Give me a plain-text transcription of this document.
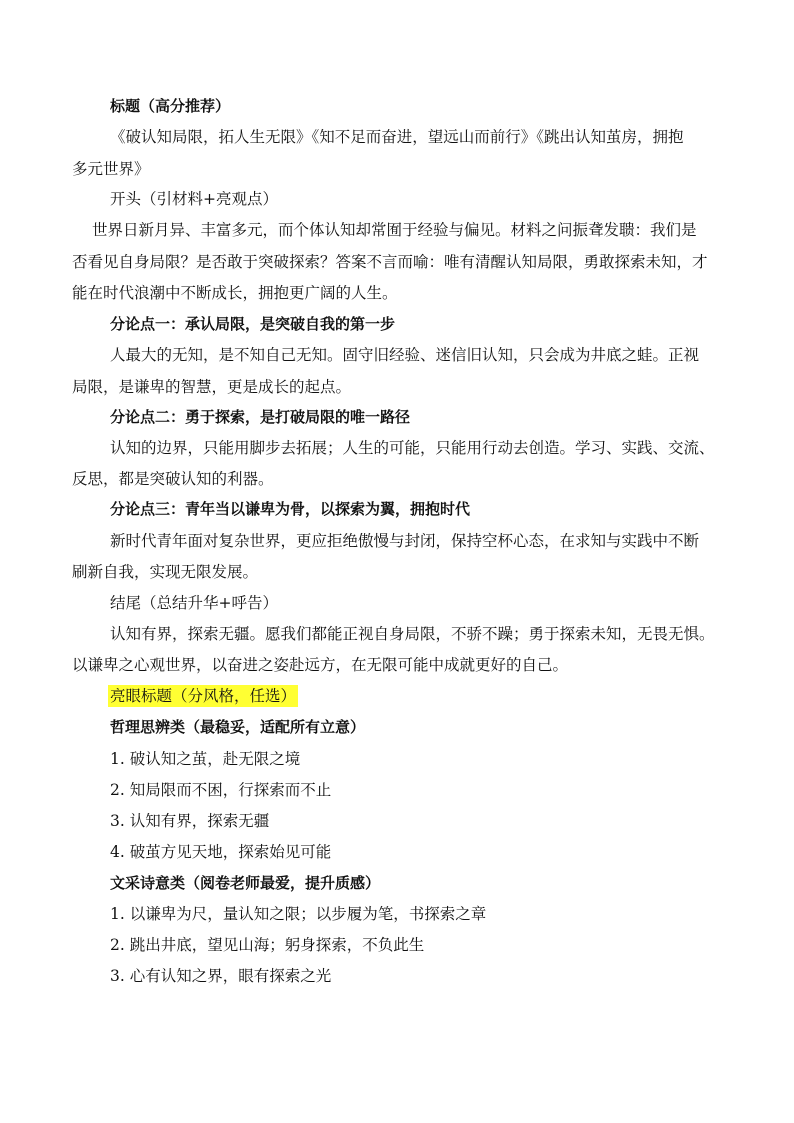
标题（高分推荐）
《破认知局限，拓人生无限》《知不足而奋进，望远山而前行》《跳出认知茧房，拥抱
多元世界》
开头（引材料+亮观点）
世界日新月异、丰富多元，而个体认知却常囿于经验与偏见。材料之问振聋发聩：我们是
否看见自身局限？是否敢于突破探索？答案不言而喻：唯有清醒认知局限，勇敢探索未知，才
能在时代浪潮中不断成长，拥抱更广阔的人生。
分论点一：承认局限，是突破自我的第一步
人最大的无知，是不知自己无知。固守旧经验、迷信旧认知，只会成为井底之蛙。正视
局限，是谦卑的智慧，更是成长的起点。
分论点二：勇于探索，是打破局限的唯一路径
认知的边界，只能用脚步去拓展；人生的可能，只能用行动去创造。学习、实践、交流、
反思，都是突破认知的利器。
分论点三：青年当以谦卑为骨，以探索为翼，拥抱时代
新时代青年面对复杂世界，更应拒绝傲慢与封闭，保持空杯心态，在求知与实践中不断
刷新自我，实现无限发展。
结尾（总结升华+呼告）
认知有界，探索无疆。愿我们都能正视自身局限，不骄不躁；勇于探索未知，无畏无惧。
以谦卑之心观世界，以奋进之姿赴远方，在无限可能中成就更好的自己。
亮眼标题（分风格，任选）
哲理思辨类（最稳妥，适配所有立意）
1. 破认知之茧，赴无限之境
2. 知局限而不困，行探索而不止
3. 认知有界，探索无疆
4. 破茧方见天地，探索始见可能
文采诗意类（阅卷老师最爱，提升质感）
1. 以谦卑为尺，量认知之限；以步履为笔，书探索之章
2. 跳出井底，望见山海；躬身探索，不负此生
3. 心有认知之界，眼有探索之光
